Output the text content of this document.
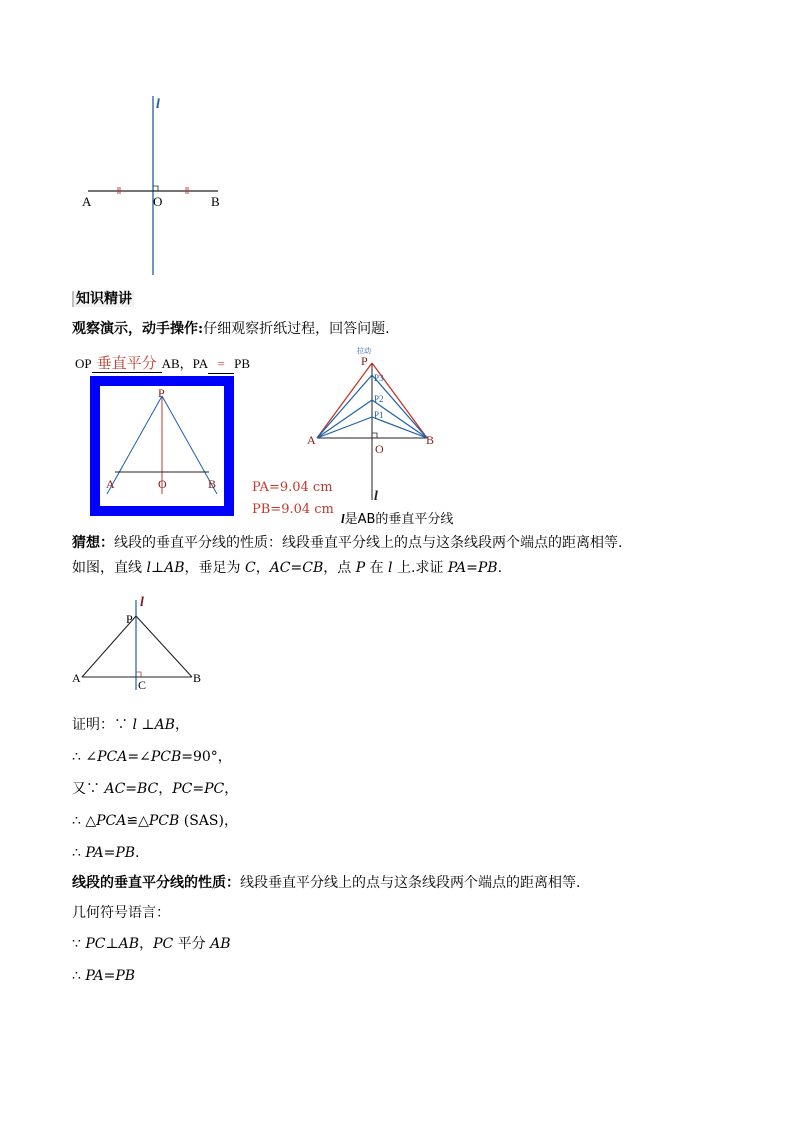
l
A	O	B
知识精讲
观察演示，动手操作:仔细观察折纸过程，回答问题.
OP 垂直平分 AB，PA = PB
P
A	O	B	PA=9.04 cm
PB=9.04 cm
拉动
P
P3
P2
P1
A	B
O
l
l是AB的垂直平分线
猜想：线段的垂直平分线的性质：线段垂直平分线上的点与这条线段两个端点的距离相等.
如图，直线 l⊥AB，垂足为 C，AC=CB，点 P 在 l 上.求证 PA=PB.
l
P
A	C	B
证明：∵ l ⊥AB，
∴ ∠PCA=∠PCB=90°，
又∵ AC=BC，PC=PC，
∴ △PCA≌△PCB (SAS)，
∴ PA=PB.
线段的垂直平分线的性质：线段垂直平分线上的点与这条线段两个端点的距离相等.
几何符号语言：
∵ PC⊥AB，PC 平分 AB
∴ PA=PB
